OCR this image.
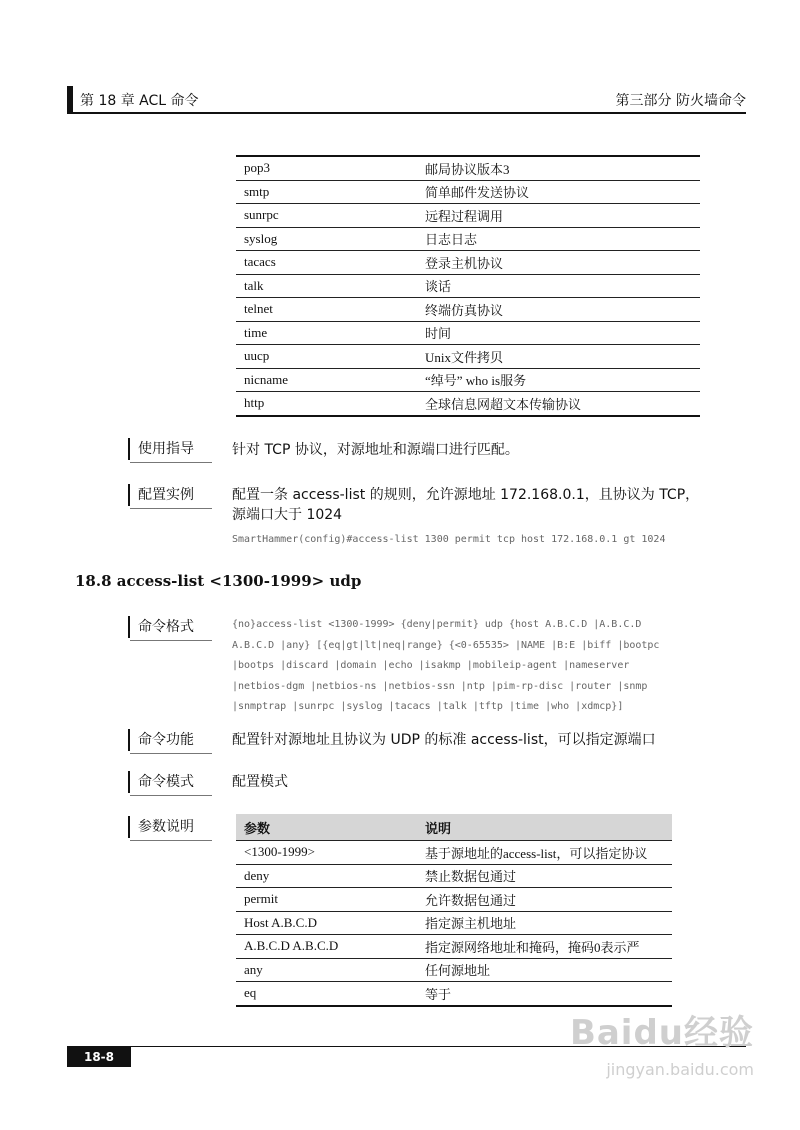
第 18 章 ACL 命令	第三部分 防火墙命令
pop3	邮局协议版本3
smtp	简单邮件发送协议
sunrpc	远程过程调用
syslog	日志日志
tacacs	登录主机协议
talk	谈话
telnet	终端仿真协议
time	时间
uucp	Unix文件拷贝
nicname	“绰号” who is服务
http	全球信息网超文本传输协议
使用指导	针对 TCP 协议，对源地址和源端口进行匹配。
配置实例	配置一条 access-list 的规则，允许源地址 172.168.0.1，且协议为 TCP，
源端口大于 1024
SmartHammer(config)#access-list 1300 permit tcp host 172.168.0.1 gt 1024
18.8 access-list <1300-1999> udp
命令格式	{no}access-list <1300-1999> {deny|permit} udp {host A.B.C.D |A.B.C.D
A.B.C.D |any} [{eq|gt|lt|neq|range} {<0-65535> |NAME |B:E |biff |bootpc
|bootps |discard |domain |echo |isakmp |mobileip-agent |nameserver
|netbios-dgm |netbios-ns |netbios-ssn |ntp |pim-rp-disc |router |snmp
|snmptrap |sunrpc |syslog |tacacs |talk |tftp |time |who |xdmcp}]
命令功能	配置针对源地址且协议为 UDP 的标准 access-list，可以指定源端口
命令模式	配置模式
参数说明	参数	说明
<1300-1999>	基于源地址的access-list，可以指定协议
deny	禁止数据包通过
permit	允许数据包通过
Host A.B.C.D	指定源主机地址
A.B.C.D A.B.C.D	指定源网络地址和掩码，掩码0表示严
any	任何源地址
eq	等于
18-8
Baidu经验
jingyan.baidu.com
